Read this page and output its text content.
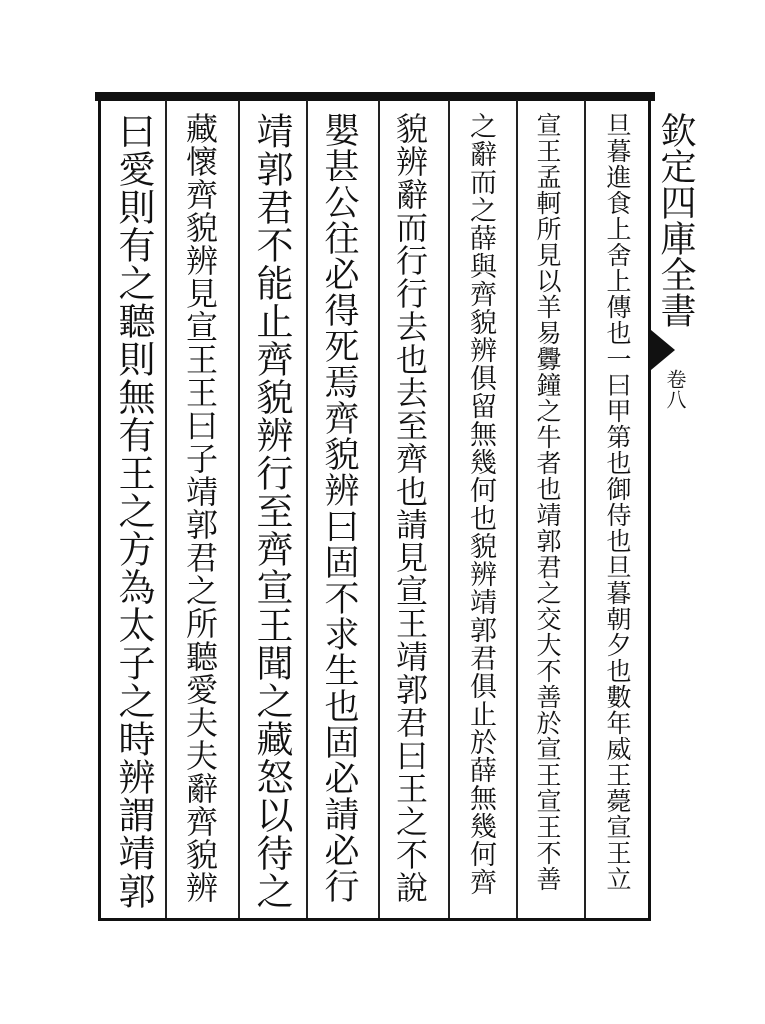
欽定四庫全書 卷八
旦暮進食上舍上傳也一曰甲第也御侍也旦暮朝夕也數年威王薨宣王立
宣王孟軻所見以羊易釁鐘之牛者也靖郭君之交大不善於宣王宣王不善
之辭而之薛與齊貌辨俱留無幾何也貌辨靖郭君俱止於薛無幾何齊
貌辨辭而行行去也去至齊也請見宣王靖郭君曰王之不說
嬰甚公往必得死焉齊貌辨曰固不求生也固必請必行
靖郭君不能止齊貌辨行至齊宣王聞之藏怒以待之
藏懷齊貌辨見宣王王曰子靖郭君之所聽愛夫夫辭齊貌辨
曰愛則有之聽則無有王之方為太子之時辨謂靖郭
